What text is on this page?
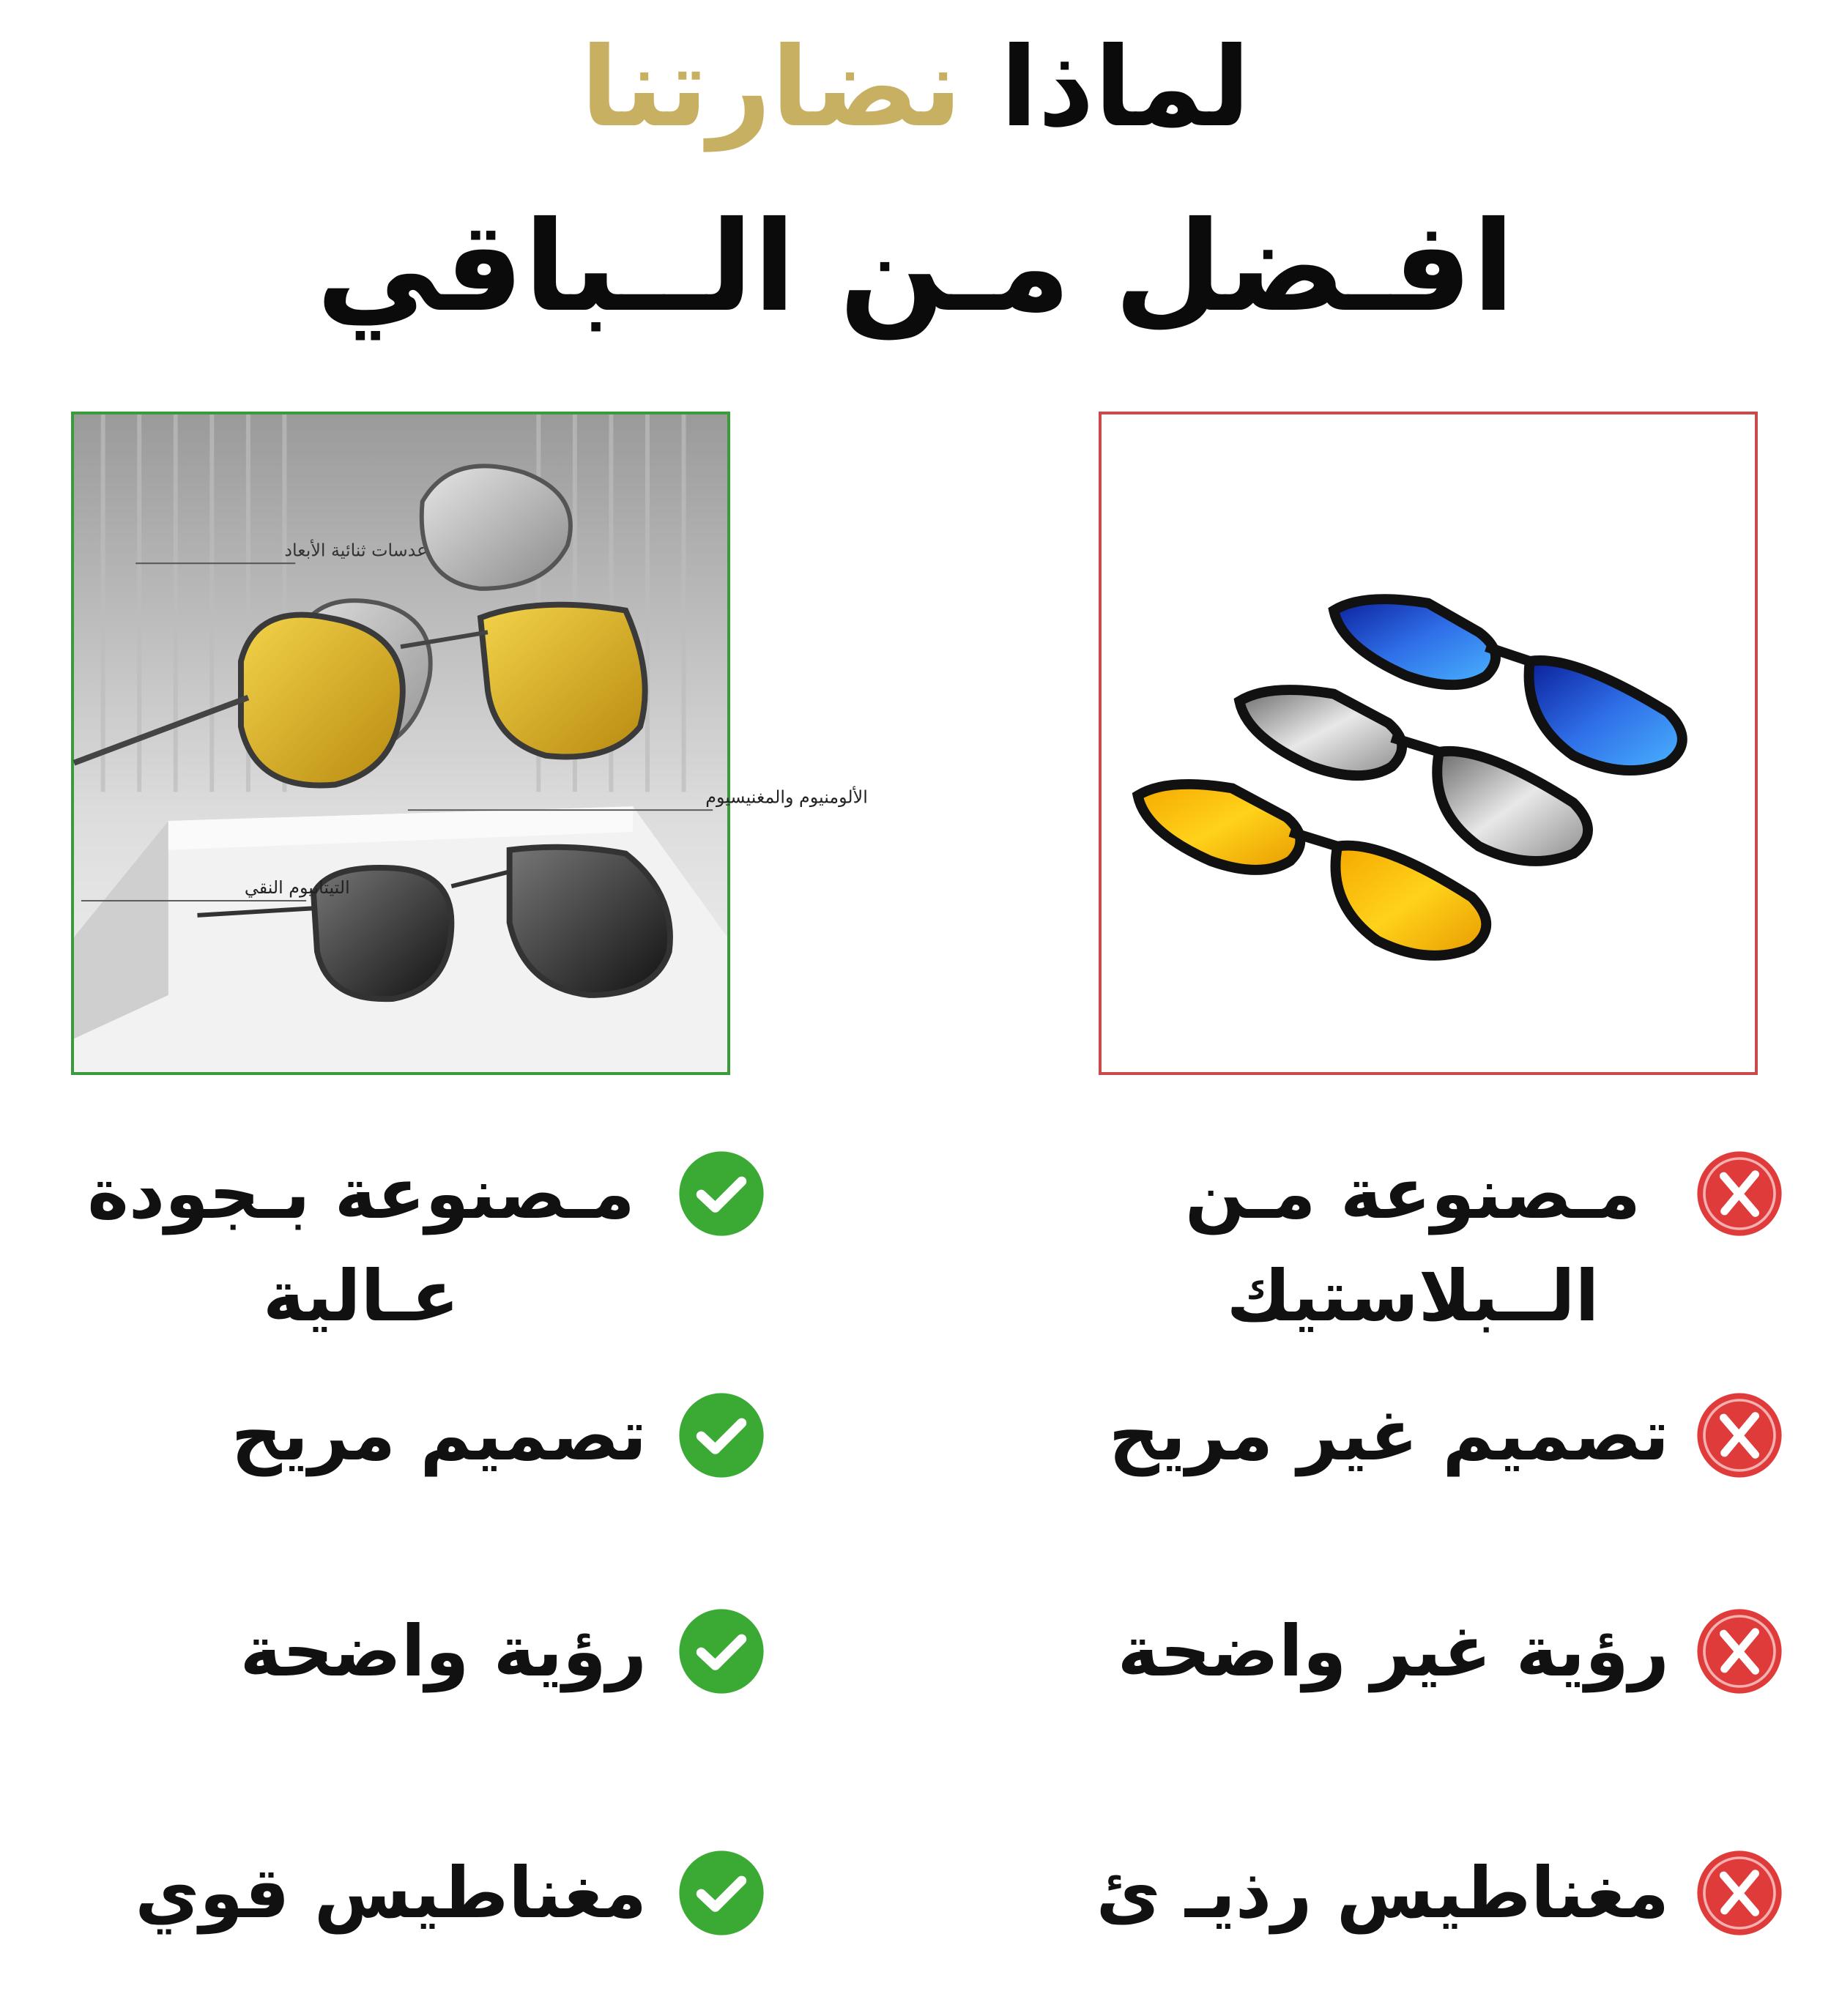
لماذا نضارتنا
افـضل مـن الــباقي
عدسات ثنائية الأبعاد
الألومنيوم والمغنيسيوم
التيتانيوم النقي
مـصنوعة بـجودة عـالية
تصميم مريح
رؤية واضحة
مغناطيس قوي
مـصنوعة مـن الــبلاستيك
تصميم غير مريح
رؤية غير واضحة
مغناطيس رذيـ ئ
